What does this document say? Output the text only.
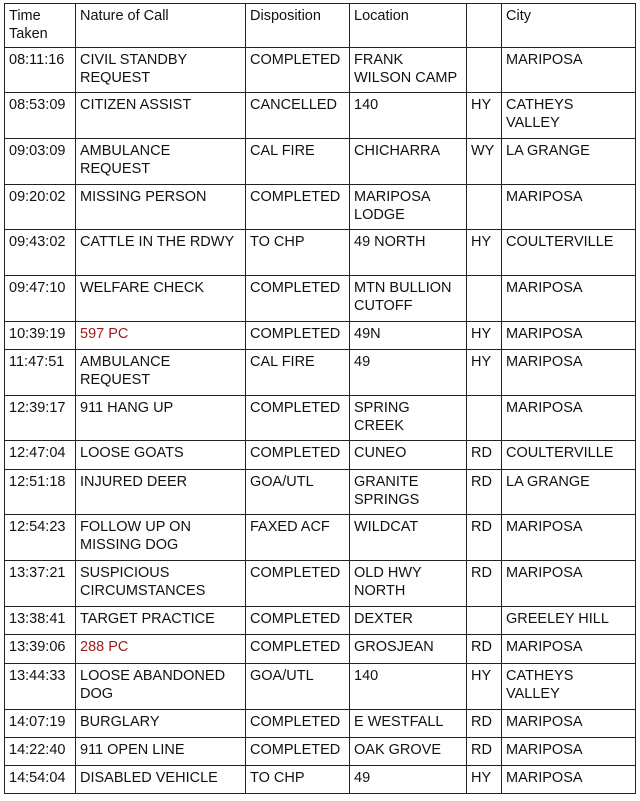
Time Taken	Nature of Call	Disposition	Location		City
08:11:16	CIVIL STANDBY REQUEST	COMPLETED	FRANK WILSON CAMP		MARIPOSA
08:53:09	CITIZEN ASSIST	CANCELLED	140	HY	CATHEYS VALLEY
09:03:09	AMBULANCE REQUEST	CAL FIRE	CHICHARRA	WY	LA GRANGE
09:20:02	MISSING PERSON	COMPLETED	MARIPOSA LODGE		MARIPOSA
09:43:02	CATTLE IN THE RDWY	TO CHP	49 NORTH	HY	COULTERVILLE
09:47:10	WELFARE CHECK	COMPLETED	MTN BULLION CUTOFF		MARIPOSA
10:39:19	597 PC	COMPLETED	49N	HY	MARIPOSA
11:47:51	AMBULANCE REQUEST	CAL FIRE	49	HY	MARIPOSA
12:39:17	911 HANG UP	COMPLETED	SPRING CREEK		MARIPOSA
12:47:04	LOOSE GOATS	COMPLETED	CUNEO	RD	COULTERVILLE
12:51:18	INJURED DEER	GOA/UTL	GRANITE SPRINGS	RD	LA GRANGE
12:54:23	FOLLOW UP ON MISSING DOG	FAXED ACF	WILDCAT	RD	MARIPOSA
13:37:21	SUSPICIOUS CIRCUMSTANCES	COMPLETED	OLD HWY NORTH	RD	MARIPOSA
13:38:41	TARGET PRACTICE	COMPLETED	DEXTER		GREELEY HILL
13:39:06	288 PC	COMPLETED	GROSJEAN	RD	MARIPOSA
13:44:33	LOOSE ABANDONED DOG	GOA/UTL	140	HY	CATHEYS VALLEY
14:07:19	BURGLARY	COMPLETED	E WESTFALL	RD	MARIPOSA
14:22:40	911 OPEN LINE	COMPLETED	OAK GROVE	RD	MARIPOSA
14:54:04	DISABLED VEHICLE	TO CHP	49	HY	MARIPOSA
